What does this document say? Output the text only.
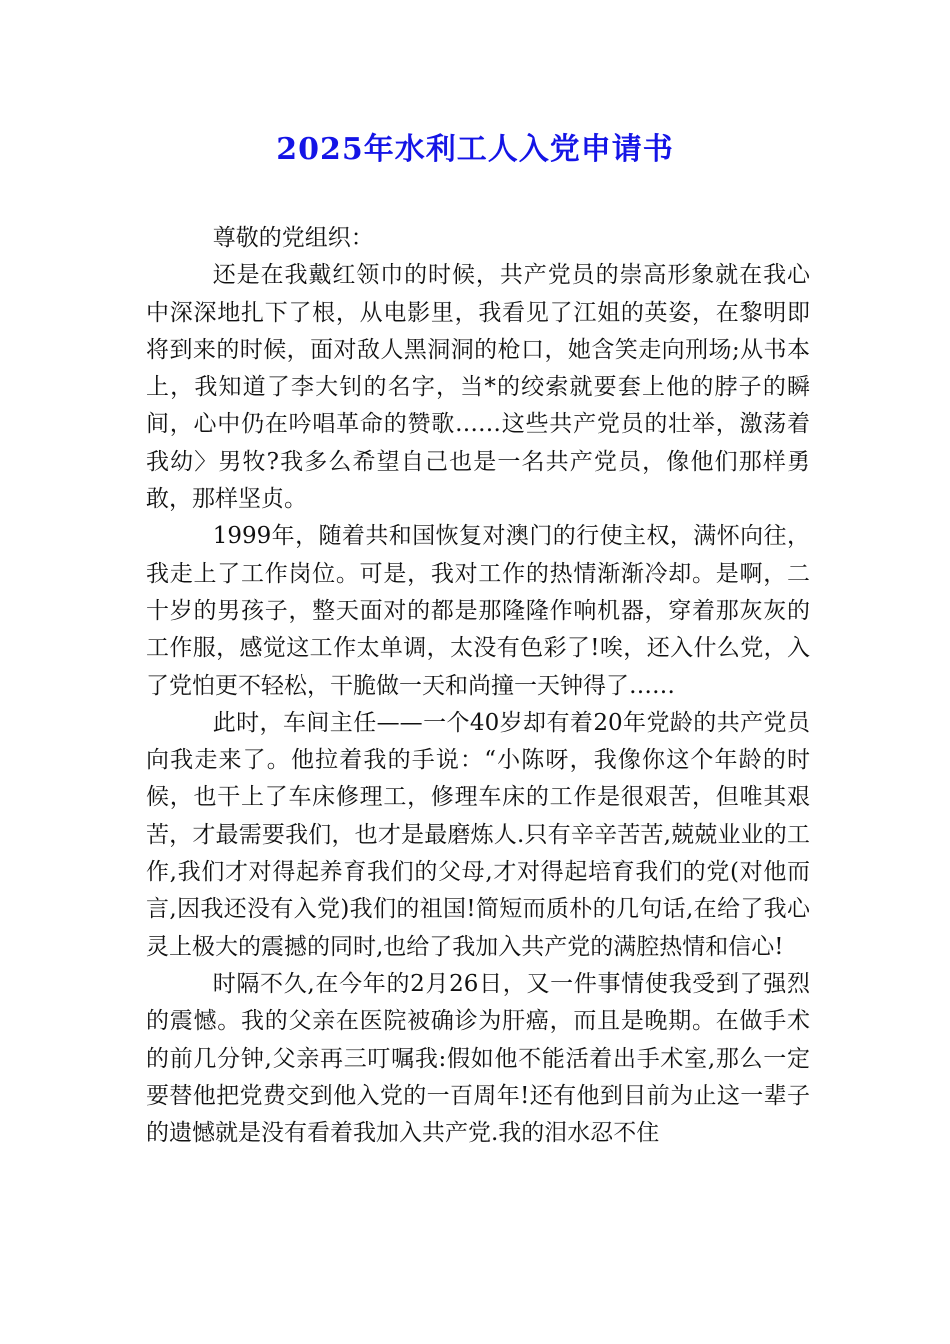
2025年水利工人入党申请书

尊敬的党组织：

还是在我戴红领巾的时候，共产党员的崇高形象就在我心中深深地扎下了根，从电影里，我看见了江姐的英姿，在黎明即将到来的时候，面对敌人黑洞洞的枪口，她含笑走向刑场;从书本上，我知道了李大钊的名字，当*的绞索就要套上他的脖子的瞬间，心中仍在吟唱革命的赞歌……这些共产党员的壮举，激荡着我幼〉男牧?我多么希望自己也是一名共产党员，像他们那样勇敢，那样坚贞。

1999年，随着共和国恢复对澳门的行使主权，满怀向往，我走上了工作岗位。可是，我对工作的热情渐渐冷却。是啊，二十岁的男孩子，整天面对的都是那隆隆作响机器，穿着那灰灰的工作服，感觉这工作太单调，太没有色彩了!唉，还入什么党，入了党怕更不轻松，干脆做一天和尚撞一天钟得了……

此时，车间主任——一个40岁却有着20年党龄的共产党员向我走来了。他拉着我的手说：“小陈呀，我像你这个年龄的时候，也干上了车床修理工，修理车床的工作是很艰苦，但唯其艰苦，才最需要我们，也才是最磨炼人.只有辛辛苦苦,兢兢业业的工作,我们才对得起养育我们的父母,才对得起培育我们的党(对他而言,因我还没有入党)我们的祖国!简短而质朴的几句话,在给了我心灵上极大的震撼的同时,也给了我加入共产党的满腔热情和信心!

时隔不久,在今年的2月26日，又一件事情使我受到了强烈的震憾。我的父亲在医院被确诊为肝癌，而且是晚期。在做手术的前几分钟,父亲再三叮嘱我:假如他不能活着出手术室,那么一定要替他把党费交到他入党的一百周年!还有他到目前为止这一辈子的遗憾就是没有看着我加入共产党.我的泪水忍不住
